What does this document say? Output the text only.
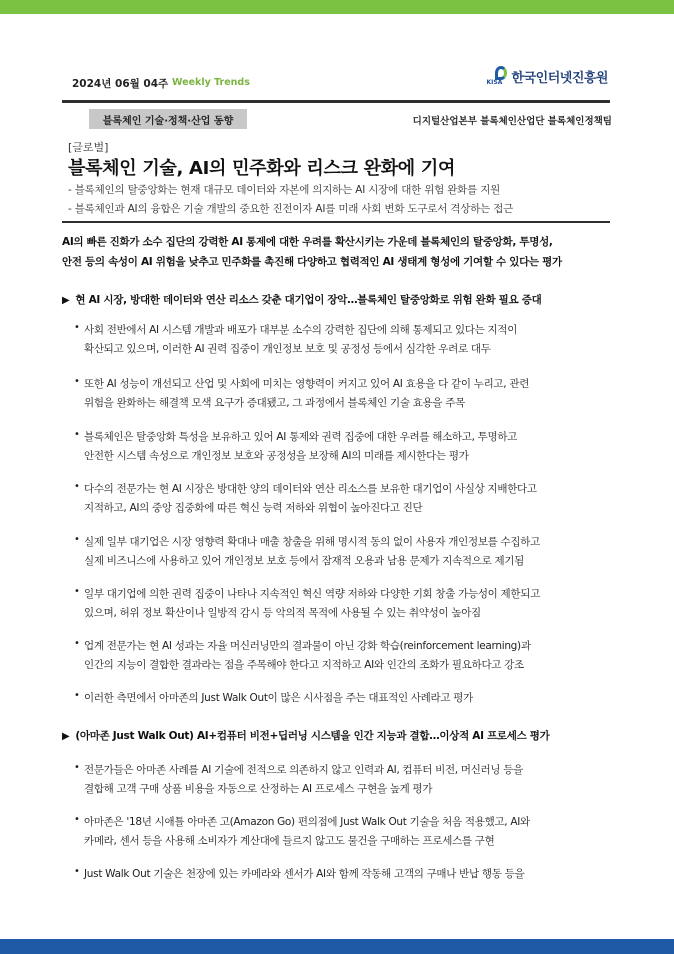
2024년 06월 04주 Weekly Trends	KISA 한국인터넷진흥원
블록체인 기술·정책·산업 동향	디지털산업본부 블록체인산업단 블록체인정책팀
[글로벌]
블록체인 기술, AI의 민주화와 리스크 완화에 기여
- 블록체인의 탈중앙화는 현재 대규모 데이터와 자본에 의지하는 AI 시장에 대한 위험 완화를 지원
- 블록체인과 AI의 융합은 기술 개발의 중요한 진전이자 AI를 미래 사회 변화 도구로서 격상하는 접근
AI의 빠른 진화가 소수 집단의 강력한 AI 통제에 대한 우려를 확산시키는 가운데 블록체인의 탈중앙화, 투명성,
안전 등의 속성이 AI 위험을 낮추고 민주화를 촉진해 다양하고 협력적인 AI 생태계 형성에 기여할 수 있다는 평가
▶ 현 AI 시장, 방대한 데이터와 연산 리소스 갖춘 대기업이 장악…블록체인 탈중앙화로 위험 완화 필요 증대
• 사회 전반에서 AI 시스템 개발과 배포가 대부분 소수의 강력한 집단에 의해 통제되고 있다는 지적이
확산되고 있으며, 이러한 AI 권력 집중이 개인정보 보호 및 공정성 등에서 심각한 우려로 대두
• 또한 AI 성능이 개선되고 산업 및 사회에 미치는 영향력이 커지고 있어 AI 효용을 다 같이 누리고, 관련
위험을 완화하는 해결책 모색 요구가 증대됐고, 그 과정에서 블록체인 기술 효용을 주목
• 블록체인은 탈중앙화 특성을 보유하고 있어 AI 통제와 권력 집중에 대한 우려를 해소하고, 투명하고
안전한 시스템 속성으로 개인정보 보호와 공정성을 보장해 AI의 미래를 제시한다는 평가
• 다수의 전문가는 현 AI 시장은 방대한 양의 데이터와 연산 리소스를 보유한 대기업이 사실상 지배한다고
지적하고, AI의 중앙 집중화에 따른 혁신 능력 저하와 위협이 높아진다고 진단
• 실제 일부 대기업은 시장 영향력 확대나 매출 창출을 위해 명시적 동의 없이 사용자 개인정보를 수집하고
실제 비즈니스에 사용하고 있어 개인정보 보호 등에서 잠재적 오용과 남용 문제가 지속적으로 제기됨
• 일부 대기업에 의한 권력 집중이 나타나 지속적인 혁신 역량 저하와 다양한 기회 창출 가능성이 제한되고
있으며, 허위 정보 확산이나 일방적 감시 등 악의적 목적에 사용될 수 있는 취약성이 높아짐
• 업계 전문가는 현 AI 성과는 자율 머신러닝만의 결과물이 아닌 강화 학습(reinforcement learning)과
인간의 지능이 결합한 결과라는 점을 주목해야 한다고 지적하고 AI와 인간의 조화가 필요하다고 강조
• 이러한 측면에서 아마존의 Just Walk Out이 많은 시사점을 주는 대표적인 사례라고 평가
▶ (아마존 Just Walk Out) AI+컴퓨터 비전+딥러닝 시스템을 인간 지능과 결합…이상적 AI 프로세스 평가
• 전문가들은 아마존 사례를 AI 기술에 전적으로 의존하지 않고 인력과 AI, 컴퓨터 비전, 머신러닝 등을
결합해 고객 구매 상품 비용을 자동으로 산정하는 AI 프로세스 구현을 높게 평가
• 아마존은 '18년 시애틀 아마존 고(Amazon Go) 편의점에 Just Walk Out 기술을 처음 적용했고, AI와
카메라, 센서 등을 사용해 소비자가 계산대에 들르지 않고도 물건을 구매하는 프로세스를 구현
• Just Walk Out 기술은 천장에 있는 카메라와 센서가 AI와 함께 작동해 고객의 구매나 반납 행동 등을
